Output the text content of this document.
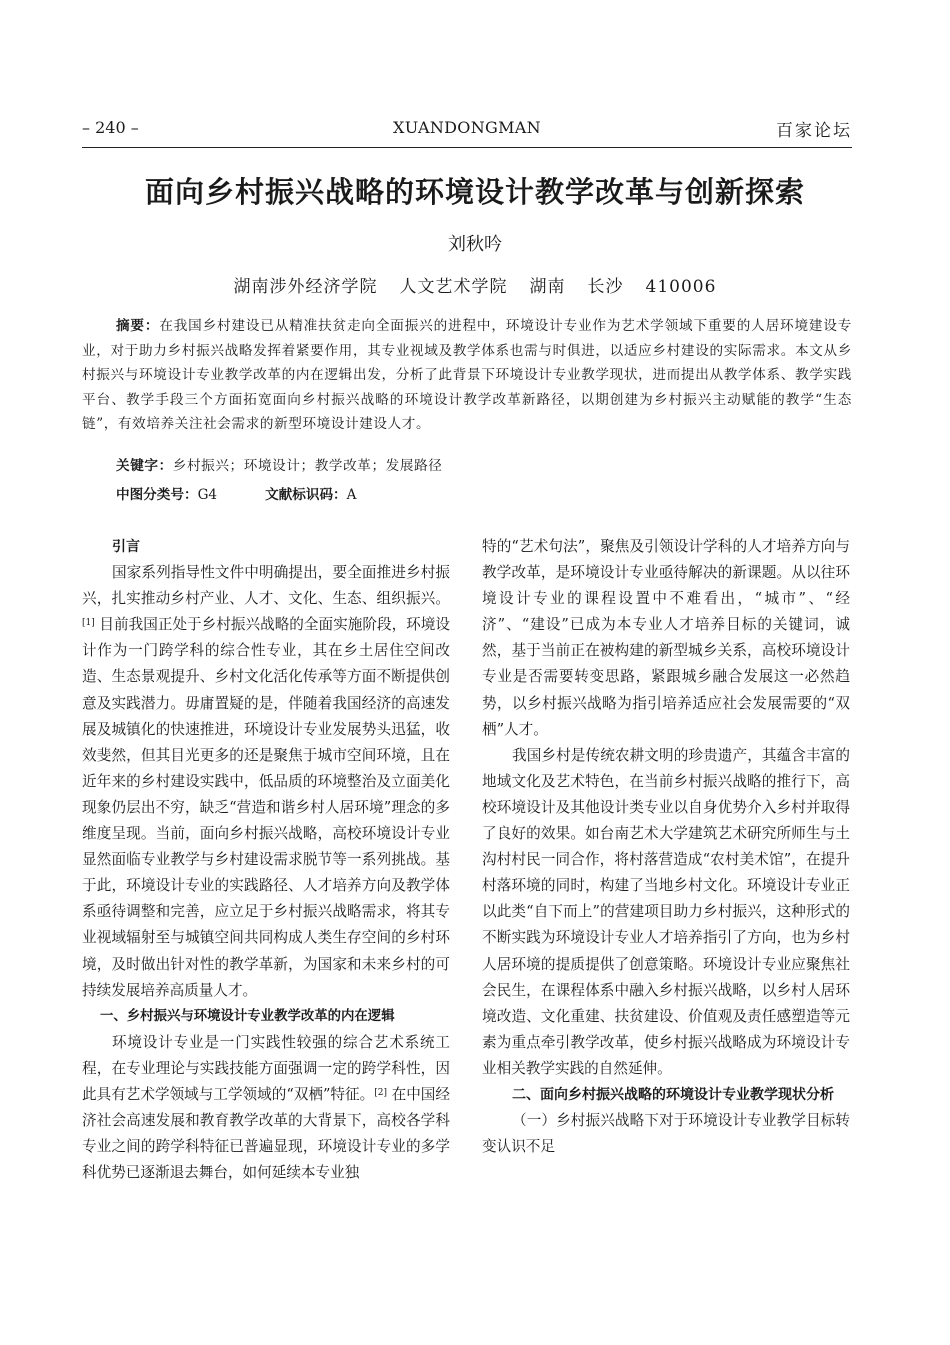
– 240 –	XUANDONGMAN	百家论坛
面向乡村振兴战略的环境设计教学改革与创新探索
刘秋吟
湖南涉外经济学院 人文艺术学院 湖南 长沙 410006
摘要：在我国乡村建设已从精准扶贫走向全面振兴的进程中，环境设计专业作为艺术学领域下重要的人居环境建设专业，对于助力乡村振兴战略发挥着紧要作用，其专业视域及教学体系也需与时俱进，以适应乡村建设的实际需求。本文从乡村振兴与环境设计专业教学改革的内在逻辑出发，分析了此背景下环境设计专业教学现状，进而提出从教学体系、教学实践平台、教学手段三个方面拓宽面向乡村振兴战略的环境设计教学改革新路径，以期创建为乡村振兴主动赋能的教学“生态链”，有效培养关注社会需求的新型环境设计建设人才。
关键字：乡村振兴；环境设计；教学改革；发展路径
中图分类号：G4	文献标识码：A
引言

国家系列指导性文件中明确提出，要全面推进乡村振兴，扎实推动乡村产业、人才、文化、生态、组织振兴。[1] 目前我国正处于乡村振兴战略的全面实施阶段，环境设计作为一门跨学科的综合性专业，其在乡土居住空间改造、生态景观提升、乡村文化活化传承等方面不断提供创意及实践潜力。毋庸置疑的是，伴随着我国经济的高速发展及城镇化的快速推进，环境设计专业发展势头迅猛，收效斐然，但其目光更多的还是聚焦于城市空间环境，且在近年来的乡村建设实践中，低品质的环境整治及立面美化现象仍层出不穷，缺乏“营造和谐乡村人居环境”理念的多维度呈现。当前，面向乡村振兴战略，高校环境设计专业显然面临专业教学与乡村建设需求脱节等一系列挑战。基于此，环境设计专业的实践路径、人才培养方向及教学体系亟待调整和完善，应立足于乡村振兴战略需求，将其专业视域辐射至与城镇空间共同构成人类生存空间的乡村环境，及时做出针对性的教学革新，为国家和未来乡村的可持续发展培养高质量人才。

一、乡村振兴与环境设计专业教学改革的内在逻辑

环境设计专业是一门实践性较强的综合艺术系统工程，在专业理论与实践技能方面强调一定的跨学科性，因此具有艺术学领域与工学领域的“双栖”特征。[2] 在中国经济社会高速发展和教育教学改革的大背景下，高校各学科专业之间的跨学科特征已普遍显现，环境设计专业的多学科优势已逐渐退去舞台，如何延续本专业独

特的“艺术句法”，聚焦及引领设计学科的人才培养方向与教学改革，是环境设计专业亟待解决的新课题。从以往环境设计专业的课程设置中不难看出，“城市”、“经济”、“建设”已成为本专业人才培养目标的关键词，诚然，基于当前正在被构建的新型城乡关系，高校环境设计专业是否需要转变思路，紧跟城乡融合发展这一必然趋势，以乡村振兴战略为指引培养适应社会发展需要的“双栖”人才。

我国乡村是传统农耕文明的珍贵遗产，其蕴含丰富的地域文化及艺术特色，在当前乡村振兴战略的推行下，高校环境设计及其他设计类专业以自身优势介入乡村并取得了良好的效果。如台南艺术大学建筑艺术研究所师生与土沟村村民一同合作，将村落营造成“农村美术馆”，在提升村落环境的同时，构建了当地乡村文化。环境设计专业正以此类“自下而上”的营建项目助力乡村振兴，这种形式的不断实践为环境设计专业人才培养指引了方向，也为乡村人居环境的提质提供了创意策略。环境设计专业应聚焦社会民生，在课程体系中融入乡村振兴战略，以乡村人居环境改造、文化重建、扶贫建设、价值观及责任感塑造等元素为重点牵引教学改革，使乡村振兴战略成为环境设计专业相关教学实践的自然延伸。

二、面向乡村振兴战略的环境设计专业教学现状分析
（一）乡村振兴战略下对于环境设计专业教学目标转变认识不足
